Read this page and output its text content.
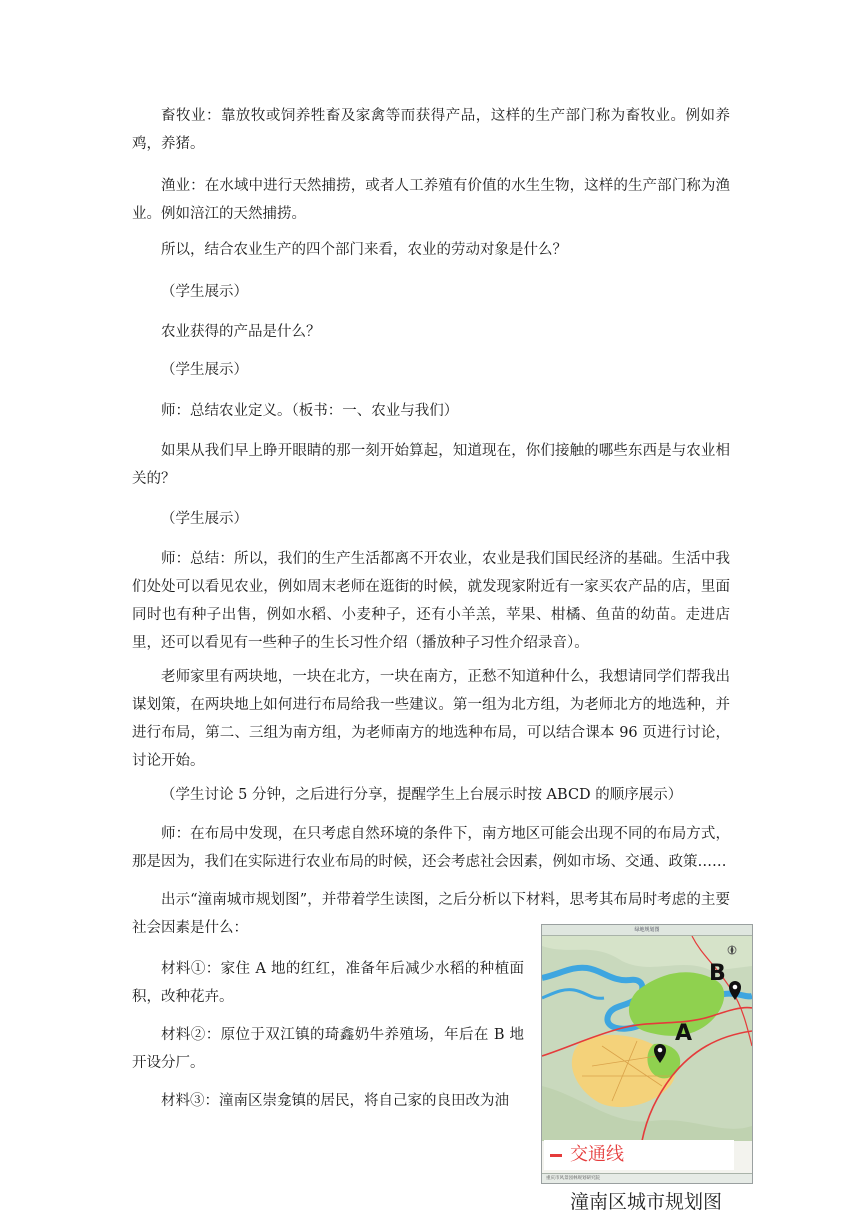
畜牧业：靠放牧或饲养牲畜及家禽等而获得产品，这样的生产部门称为畜牧业。例如养鸡，养猪。

渔业：在水域中进行天然捕捞，或者人工养殖有价值的水生生物，这样的生产部门称为渔业。例如涪江的天然捕捞。

所以，结合农业生产的四个部门来看，农业的劳动对象是什么？

（学生展示）

农业获得的产品是什么？

（学生展示）

师：总结农业定义。（板书：一、农业与我们）

如果从我们早上睁开眼睛的那一刻开始算起，知道现在，你们接触的哪些东西是与农业相关的？

（学生展示）

师：总结：所以，我们的生产生活都离不开农业，农业是我们国民经济的基础。生活中我们处处可以看见农业，例如周末老师在逛街的时候，就发现家附近有一家买农产品的店，里面同时也有种子出售，例如水稻、小麦种子，还有小羊羔，苹果、柑橘、鱼苗的幼苗。走进店里，还可以看见有一些种子的生长习性介绍（播放种子习性介绍录音）。

老师家里有两块地，一块在北方，一块在南方，正愁不知道种什么，我想请同学们帮我出谋划策，在两块地上如何进行布局给我一些建议。第一组为北方组，为老师北方的地选种，并进行布局，第二、三组为南方组，为老师南方的地选种布局，可以结合课本 96 页进行讨论，讨论开始。

（学生讨论 5 分钟，之后进行分享，提醒学生上台展示时按 ABCD 的顺序展示）

师：在布局中发现，在只考虑自然环境的条件下，南方地区可能会出现不同的布局方式，那是因为，我们在实际进行农业布局的时候，还会考虑社会因素，例如市场、交通、政策……

出示“潼南城市规划图”，并带着学生读图，之后分析以下材料，思考其布局时考虑的主要社会因素是什么：

材料①：家住 A 地的红红，准备年后减少水稻的种植面积，改种花卉。

材料②：原位于双江镇的琦鑫奶牛养殖场，年后在 B 地开设分厂。

材料③：潼南区崇龛镇的居民，将自己家的良田改为油

绿地规划图
B
A
交通线
重庆市风景园林规划研究院
潼南区城市规划图
